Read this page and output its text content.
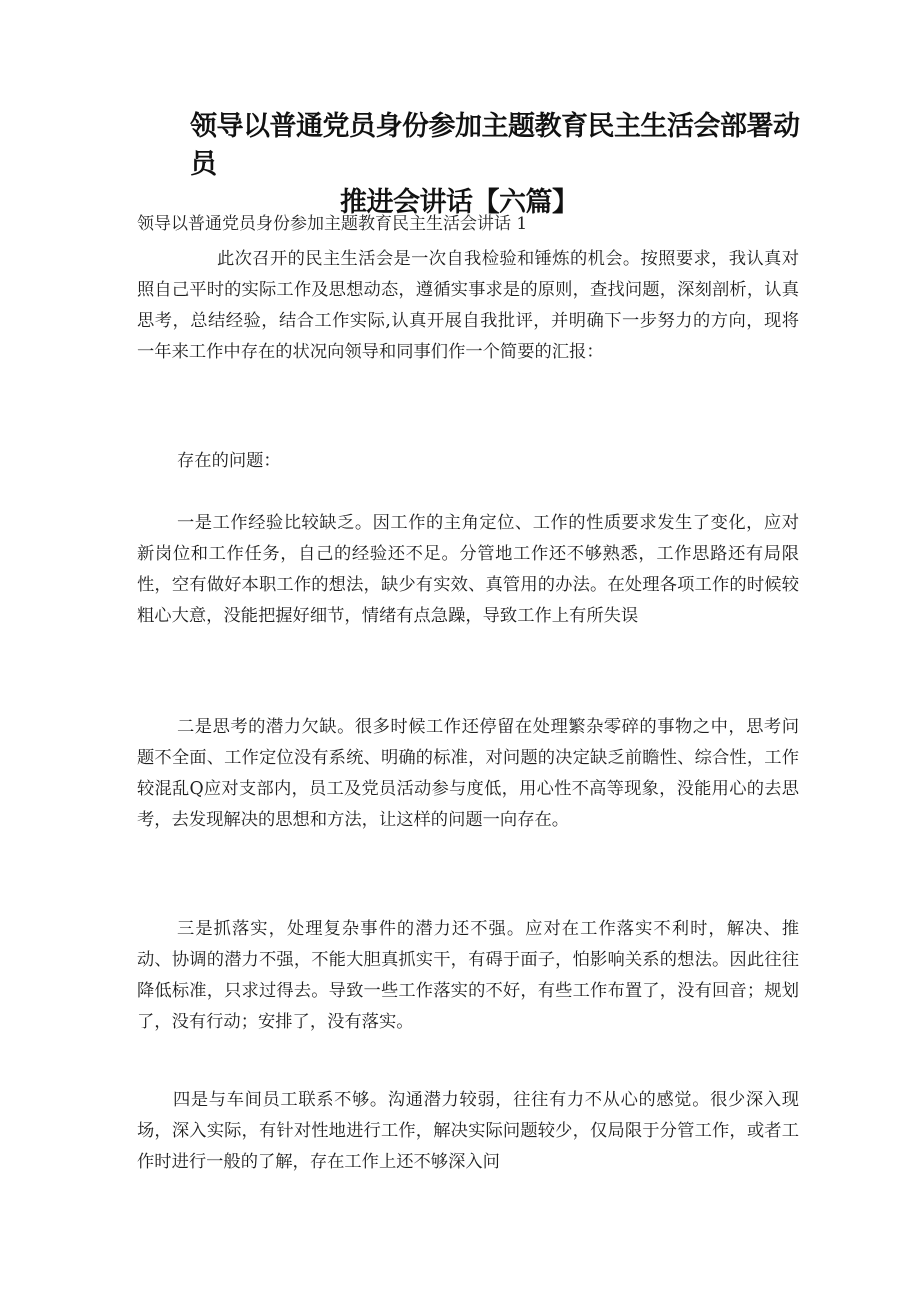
领导以普通党员身份参加主题教育民主生活会部署动员
推进会讲话【六篇】
领导以普通党员身份参加主题教育民主生活会讲话 1
此次召开的民主生活会是一次自我检验和锤炼的机会。按照要求，我认真对照自己平时的实际工作及思想动态，遵循实事求是的原则，查找问题，深刻剖析，认真思考，总结经验，结合工作实际,认真开展自我批评，并明确下一步努力的方向，现将一年来工作中存在的状况向领导和同事们作一个简要的汇报：
存在的问题：
一是工作经验比较缺乏。因工作的主角定位、工作的性质要求发生了变化，应对新岗位和工作任务，自己的经验还不足。分管地工作还不够熟悉，工作思路还有局限性，空有做好本职工作的想法，缺少有实效、真管用的办法。在处理各项工作的时候较粗心大意，没能把握好细节，情绪有点急躁，导致工作上有所失误
二是思考的潜力欠缺。很多时候工作还停留在处理繁杂零碎的事物之中，思考问题不全面、工作定位没有系统、明确的标准，对问题的决定缺乏前瞻性、综合性，工作较混乱Q应对支部内，员工及党员活动参与度低，用心性不高等现象，没能用心的去思考，去发现解决的思想和方法，让这样的问题一向存在。
三是抓落实，处理复杂事件的潜力还不强。应对在工作落实不利时，解决、推动、协调的潜力不强，不能大胆真抓实干，有碍于面子，怕影响关系的想法。因此往往降低标准，只求过得去。导致一些工作落实的不好，有些工作布置了，没有回音；规划了，没有行动；安排了，没有落实。
四是与车间员工联系不够。沟通潜力较弱，往往有力不从心的感觉。很少深入现场，深入实际，有针对性地进行工作，解决实际问题较少，仅局限于分管工作，或者工作时进行一般的了解，存在工作上还不够深入问
